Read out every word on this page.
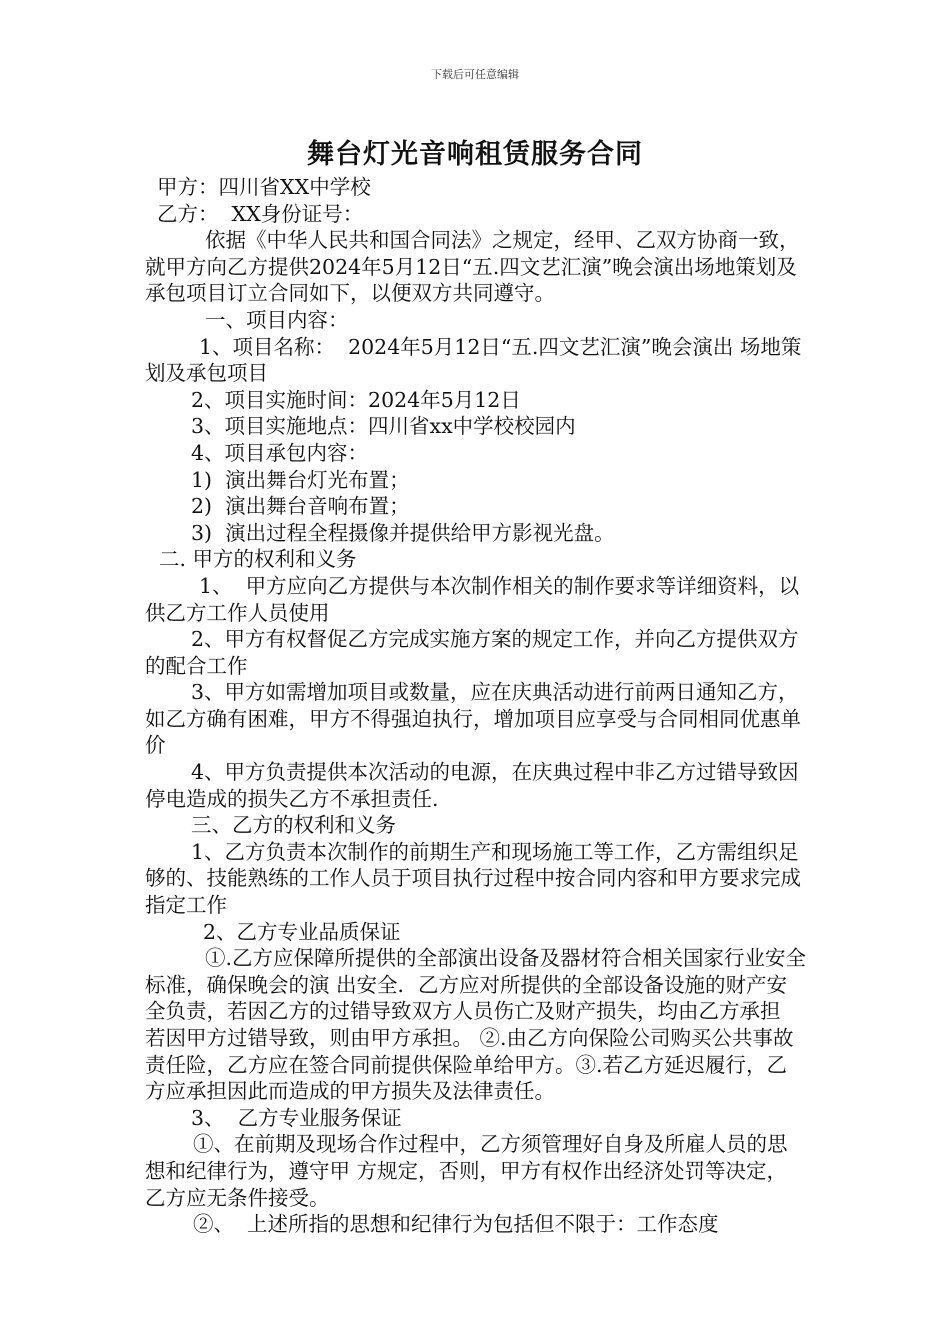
下载后可任意编辑
舞台灯光音响租赁服务合同

甲方：四川省XX中学校

乙方：  XX身份证号：

依据《中华人民共和国合同法》之规定，经甲、乙双方协商一致，就甲方向乙方提供2024年5月12日“五.四文艺汇演”晚会演出场地策划及承包项目订立合同如下，以便双方共同遵守。

一、项目内容：

1、项目名称：  2024年5月12日“五.四文艺汇演”晚会演出 场地策划及承包项目

2、项目实施时间：2024年5月12日

3、项目实施地点：四川省xx中学校校园内

4、项目承包内容：

1)  演出舞台灯光布置；

2)  演出舞台音响布置；

3)  演出过程全程摄像并提供给甲方影视光盘。

二. 甲方的权利和义务

1、  甲方应向乙方提供与本次制作相关的制作要求等详细资料，以供乙方工作人员使用

2、甲方有权督促乙方完成实施方案的规定工作，并向乙方提供双方的配合工作

3、甲方如需增加项目或数量，应在庆典活动进行前两日通知乙方，如乙方确有困难，甲方不得强迫执行，增加项目应享受与合同相同优惠单价

4、甲方负责提供本次活动的电源，在庆典过程中非乙方过错导致因停电造成的损失乙方不承担责任.

三、乙方的权利和义务

1、乙方负责本次制作的前期生产和现场施工等工作，乙方需组织足够的、技能熟练的工作人员于项目执行过程中按合同内容和甲方要求完成指定工作

2、乙方专业品质保证

①.乙方应保障所提供的全部演出设备及器材符合相关国家行业安全标准，确保晚会的演 出安全．乙方应对所提供的全部设备设施的财产安全负责，若因乙方的过错导致双方人员伤亡及财产损失，均由乙方承担  若因甲方过错导致，则由甲方承担。 ②.由乙方向保险公司购买公共事故责任险，乙方应在签合同前提供保险单给甲方。③.若乙方延迟履行，乙方应承担因此而造成的甲方损失及法律责任。

3、  乙方专业服务保证

①、在前期及现场合作过程中，乙方须管理好自身及所雇人员的思想和纪律行为，遵守甲 方规定，否则，甲方有权作出经济处罚等决定，乙方应无条件接受。

②、  上述所指的思想和纪律行为包括但不限于：工作态度
